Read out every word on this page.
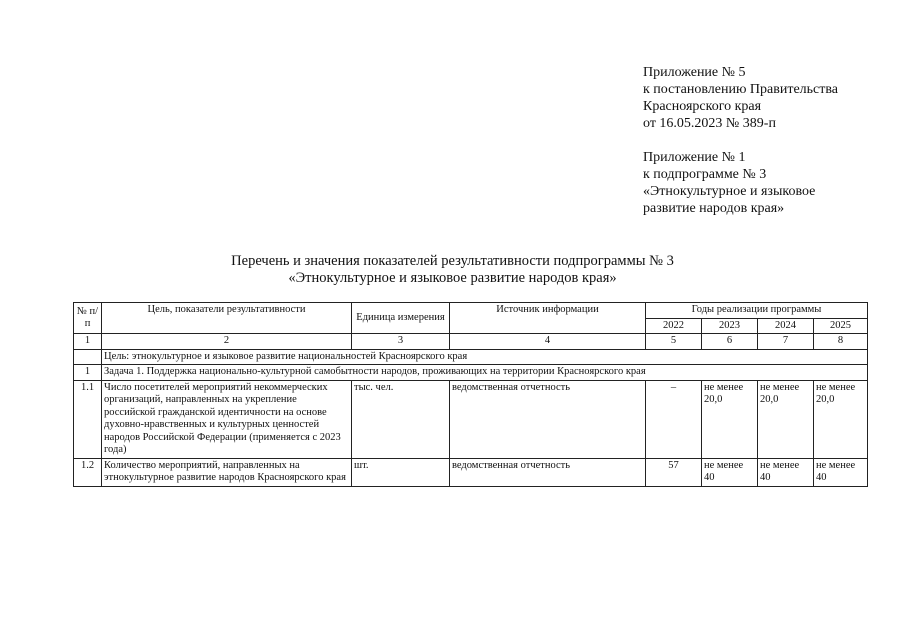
Приложение № 5
к постановлению Правительства
Красноярского края
от 16.05.2023 № 389-п
Приложение № 1
к подпрограмме № 3
«Этнокультурное и языковое
развитие народов края»
Перечень и значения показателей результативности подпрограммы № 3
«Этнокультурное и языковое развитие народов края»
№ п/п	Цель, показатели результативности	Единица измерения	Источник информации	Годы реализации программы			
				2022	2023	2024	2025
1	2	3	4	5	6	7	8
	Цель: этнокультурное и языковое развитие национальностей Красноярского края						
1	Задача 1. Поддержка национально-культурной самобытности народов, проживающих на территории Красноярского края						
1.1	Число посетителей мероприятий некоммерческих организаций, направленных на укрепление российской гражданской идентичности на основе духовно-нравственных и культурных ценностей народов Российской Федерации (применяется с 2023 года)	тыс. чел.	ведомственная отчетность	–	не менее 20,0	не менее 20,0	не менее 20,0
1.2	Количество мероприятий, направленных на этнокультурное развитие народов Красноярского края	шт.	ведомственная отчетность	57	не менее 40	не менее 40	не менее 40
